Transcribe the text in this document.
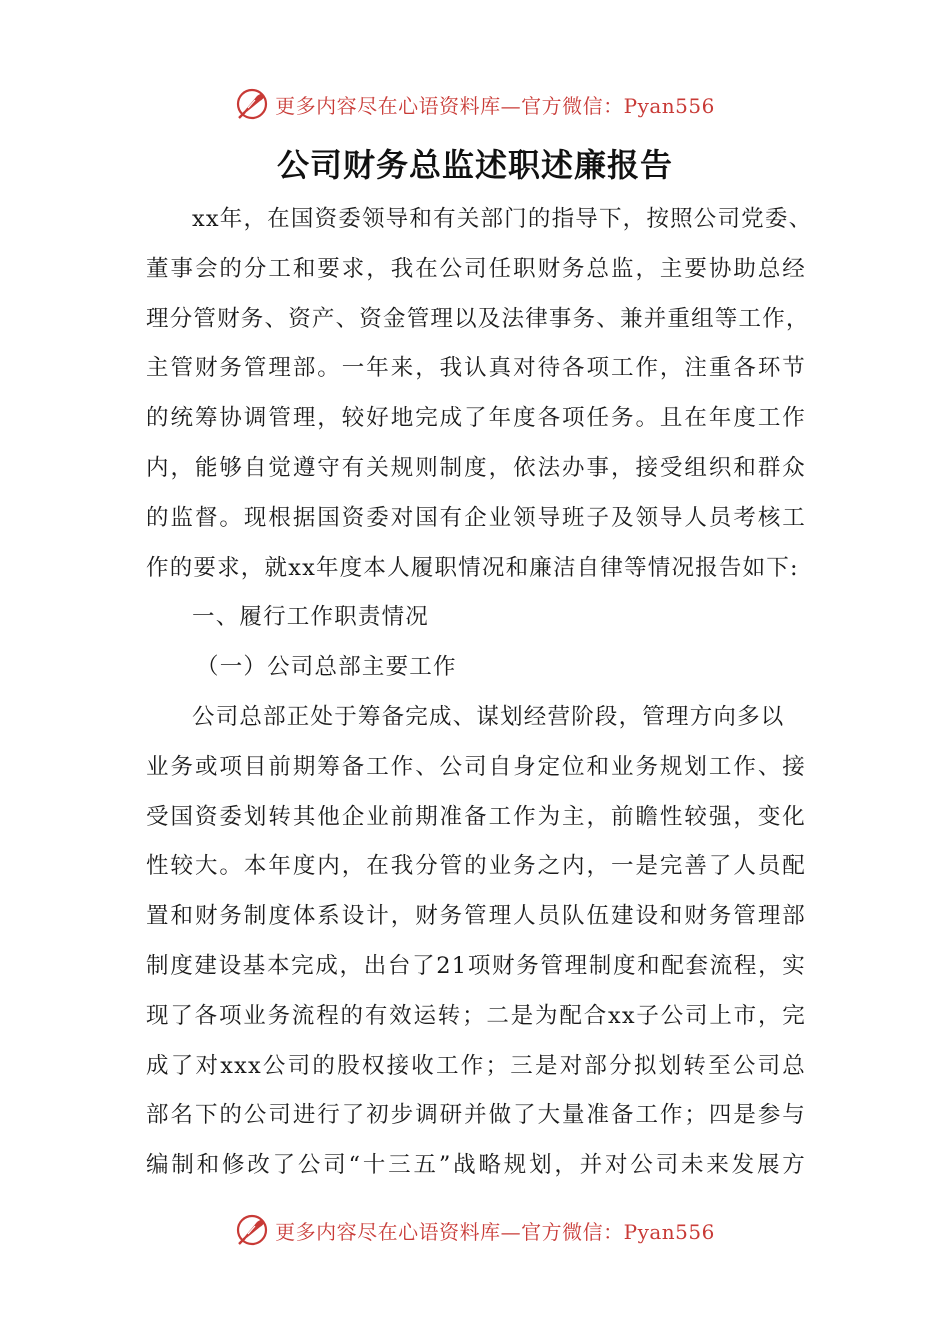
更多内容尽在心语资料库—官方微信：Pyan556
公司财务总监述职述廉报告
xx年，在国资委领导和有关部门的指导下，按照公司党委、
董事会的分工和要求，我在公司任职财务总监，主要协助总经
理分管财务、资产、资金管理以及法律事务、兼并重组等工作，
主管财务管理部。一年来，我认真对待各项工作，注重各环节
的统筹协调管理，较好地完成了年度各项任务。且在年度工作
内，能够自觉遵守有关规则制度，依法办事，接受组织和群众
的监督。现根据国资委对国有企业领导班子及领导人员考核工
作的要求，就xx年度本人履职情况和廉洁自律等情况报告如下:
一、履行工作职责情况
（一）公司总部主要工作
公司总部正处于筹备完成、谋划经营阶段，管理方向多以
业务或项目前期筹备工作、公司自身定位和业务规划工作、接
受国资委划转其他企业前期准备工作为主，前瞻性较强，变化
性较大。本年度内，在我分管的业务之内，一是完善了人员配
置和财务制度体系设计，财务管理人员队伍建设和财务管理部
制度建设基本完成，出台了21项财务管理制度和配套流程，实
现了各项业务流程的有效运转；二是为配合xx子公司上市，完
成了对xxx公司的股权接收工作；三是对部分拟划转至公司总
部名下的公司进行了初步调研并做了大量准备工作；四是参与
编制和修改了公司“十三五”战略规划，并对公司未来发展方
更多内容尽在心语资料库—官方微信：Pyan556
